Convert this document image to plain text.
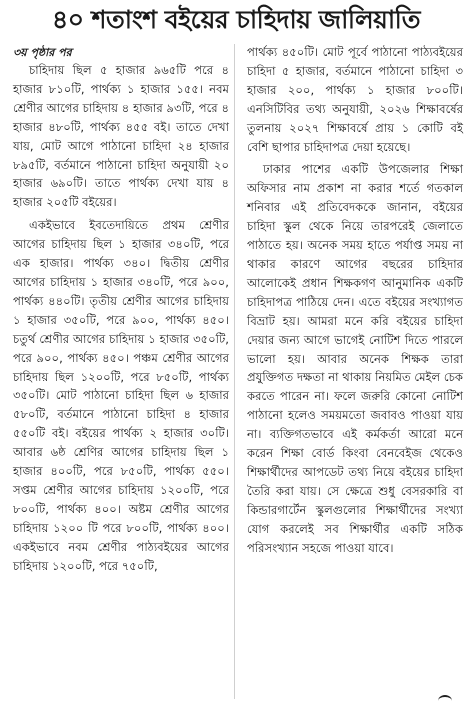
৪০ শতাংশ বইয়ের চাহিদায় জালিয়াতি
৩য় পৃষ্ঠার পর

চাহিদায় ছিল ৫ হাজার ৯৬৫টি পরে ৪ হাজার ৮১০টি, পার্থক্য ১ হাজার ১৫৫। নবম শ্রেণীর আগের চাহিদায় ৪ হাজার ৯৩টি, পরে ৪ হাজার ৪৮০টি, পার্থক্য ৪৫৫ বই। তাতে দেখা যায়, মোট আগে পাঠানো চাহিদা ২৪ হাজার ৮৯৫টি, বর্তমানে পাঠানো চাহিদা অনুযায়ী ২০ হাজার ৬৯০টি। তাতে পার্থক্য দেখা যায় ৪ হাজার ২০৫টি বইয়ের।

একইভাবে ইবতেদায়িতে প্রথম শ্রেণীর আগের চাহিদায় ছিল ১ হাজার ৩৪০টি, পরে এক হাজার। পার্থক্য ৩৪০। দ্বিতীয় শ্রেণীর আগের চাহিদায় ১ হাজার ৩৪০টি, পরে ৯০০, পার্থক্য ৪৪০টি। তৃতীয় শ্রেণীর আগের চাহিদায় ১ হাজার ৩৫০টি, পরে ৯০০, পার্থক্য ৪৫০। চতুর্থ শ্রেণীর আগের চাহিদায় ১ হাজার ৩৫০টি, পরে ৯০০, পার্থক্য ৪৫০। পঞ্চম শ্রেণীর আগের চাহিদায় ছিল ১২০০টি, পরে ৮৫০টি, পার্থক্য ৩৫০টি। মোট পাঠানো চাহিদা ছিল ৬ হাজার ৫৮০টি, বর্তমানে পাঠানো চাহিদা ৪ হাজার ৫৫০টি বই। বইয়ের পার্থক্য ২ হাজার ৩০টি। আবার ৬ষ্ঠ শ্রেণির আগের চাহিদায় ছিল ১ হাজার ৪০০টি, পরে ৮৫০টি, পার্থক্য ৫৫০। সপ্তম শ্রেণীর আগের চাহিদায় ১২০০টি, পরে ৮০০টি, পার্থক্য ৪০০। অষ্টম শ্রেণীর আগের চাহিদায় ১২০০ টি পরে ৮০০টি, পার্থক্য ৪০০। একইভাবে নবম শ্রেণীর পাঠ্যবইয়ের আগের চাহিদায় ১২০০টি, পরে ৭৫০টি,

পার্থক্য ৪৫০টি। মোট পূর্বে পাঠানো পাঠ্যবইয়ের চাহিদা ৫ হাজার, বর্তমানে পাঠানো চাহিদা ৩ হাজার ২০০, পার্থক্য ১ হাজার ৮০০টি। এনসিটিবির তথ্য অনুযায়ী, ২০২৬ শিক্ষাবর্ষের তুলনায় ২০২৭ শিক্ষাবর্ষে প্রায় ১ কোটি বই বেশি ছাপার চাহিদাপত্র দেয়া হয়েছে।

ঢাকার পাশের একটি উপজেলার শিক্ষা অফিসার নাম প্রকাশ না করার শর্তে গতকাল শনিবার এই প্রতিবেদককে জানান, বইয়ের চাহিদা স্কুল থেকে নিয়ে তারপরেই জেলাতে পাঠাতে হয়। অনেক সময় হাতে পর্যাপ্ত সময় না থাকার কারণে আগের বছরের চাহিদার আলোকেই প্রধান শিক্ষকগণ আনুমানিক একটি চাহিদাপত্র পাঠিয়ে দেন। এতে বইয়ের সংখ্যাগত বিভ্রাট হয়। আমরা মনে করি বইয়ের চাহিদা দেয়ার জন্য আগে ভাগেই নোটিশ দিতে পারলে ভালো হয়। আবার অনেক শিক্ষক তারা প্রযুক্তিগত দক্ষতা না থাকায় নিয়মিত মেইল চেক করতে পারেন না। ফলে জরুরি কোনো নোটিশ পাঠানো হলেও সময়মতো জবাবও পাওয়া যায় না। ব্যক্তিগতভাবে এই কর্মকর্তা আরো মনে করেন শিক্ষা বোর্ড কিংবা বেনবেইজ থেকেও শিক্ষার্থীদের আপডেট তথ্য নিয়ে বইয়ের চাহিদা তৈরি করা যায়। সে ক্ষেত্রে শুধু বেসরকারি বা কিন্ডারগার্টেন স্কুলগুলোর শিক্ষার্থীদের সংখ্যা যোগ করলেই সব শিক্ষার্থীর একটি সঠিক পরিসংখ্যান সহজে পাওয়া যাবে।
